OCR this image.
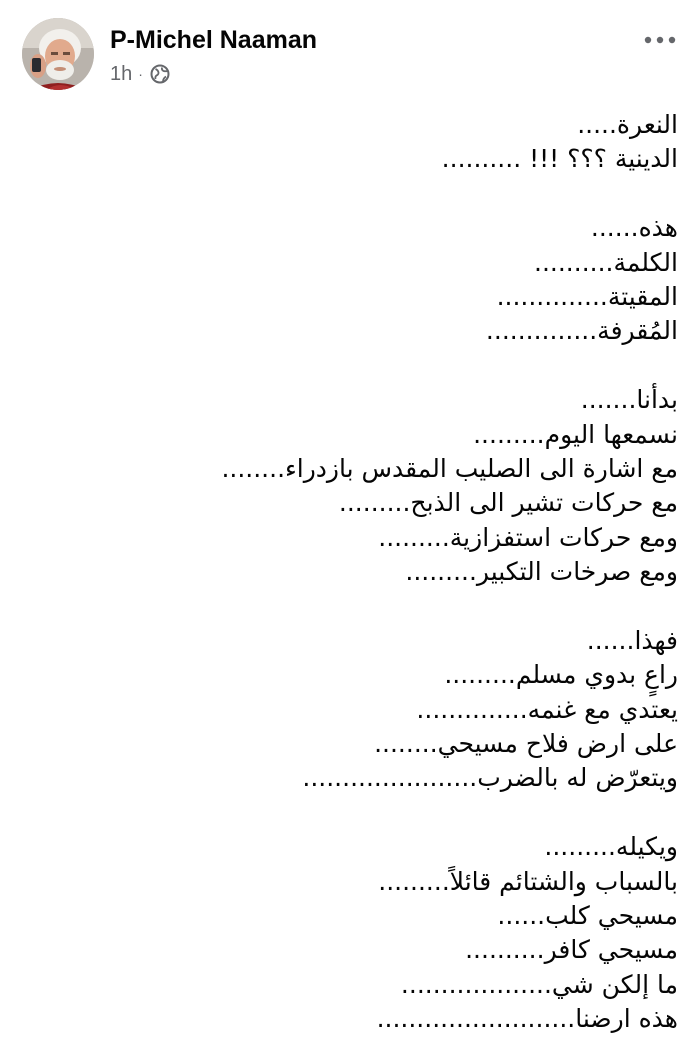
P-Michel Naaman
1h ·
النعرة.....
الدينية ؟؟؟ !!! ..........
هذه......
الكلمة..........
المقيتة..............
المُقرفة..............
بدأنا.......
نسمعها اليوم.........
مع اشارة الى الصليب المقدس بازدراء........
مع حركات تشير الى الذبح.........
ومع حركات استفزازية.........
ومع صرخات التكبير.........
فهذا......
راعٍ بدوي مسلم.........
يعتدي مع غنمه..............
على ارض فلاح مسيحي........
ويتعرّض له بالضرب......................
ويكيله.........
بالسباب والشتائم قائلاً.........
مسيحي كلب......
مسيحي كافر..........
ما إلكن شي...................
هذه ارضنا.........................
